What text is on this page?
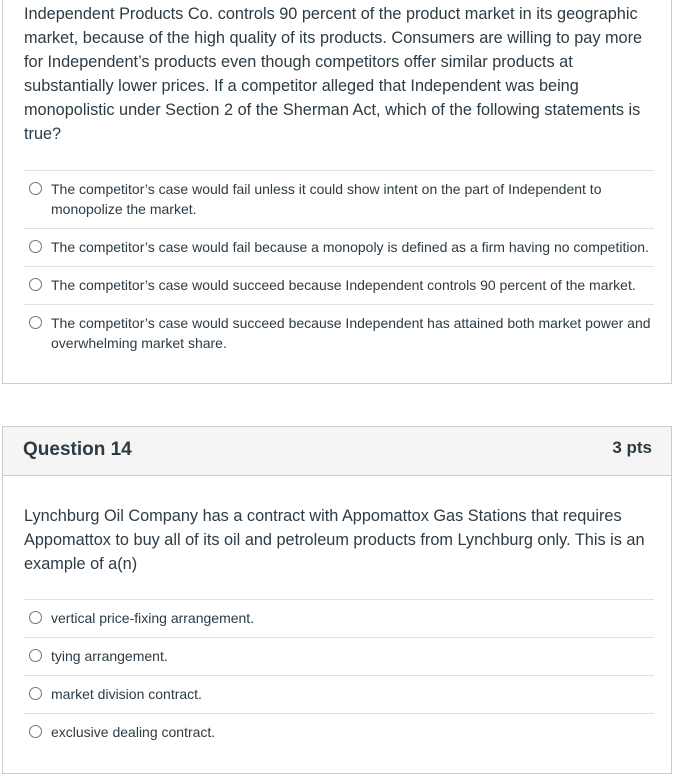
Independent Products Co. controls 90 percent of the product market in its geographic market, because of the high quality of its products. Consumers are willing to pay more for Independent’s products even though competitors offer similar products at substantially lower prices. If a competitor alleged that Independent was being monopolistic under Section 2 of the Sherman Act, which of the following statements is true?
The competitor’s case would fail unless it could show intent on the part of Independent to monopolize the market.
The competitor’s case would fail because a monopoly is defined as a firm having no competition.
The competitor’s case would succeed because Independent controls 90 percent of the market.
The competitor’s case would succeed because Independent has attained both market power and overwhelming market share.
Question 14	3 pts
Lynchburg Oil Company has a contract with Appomattox Gas Stations that requires Appomattox to buy all of its oil and petroleum products from Lynchburg only. This is an example of a(n)
vertical price-fixing arrangement.
tying arrangement.
market division contract.
exclusive dealing contract.
